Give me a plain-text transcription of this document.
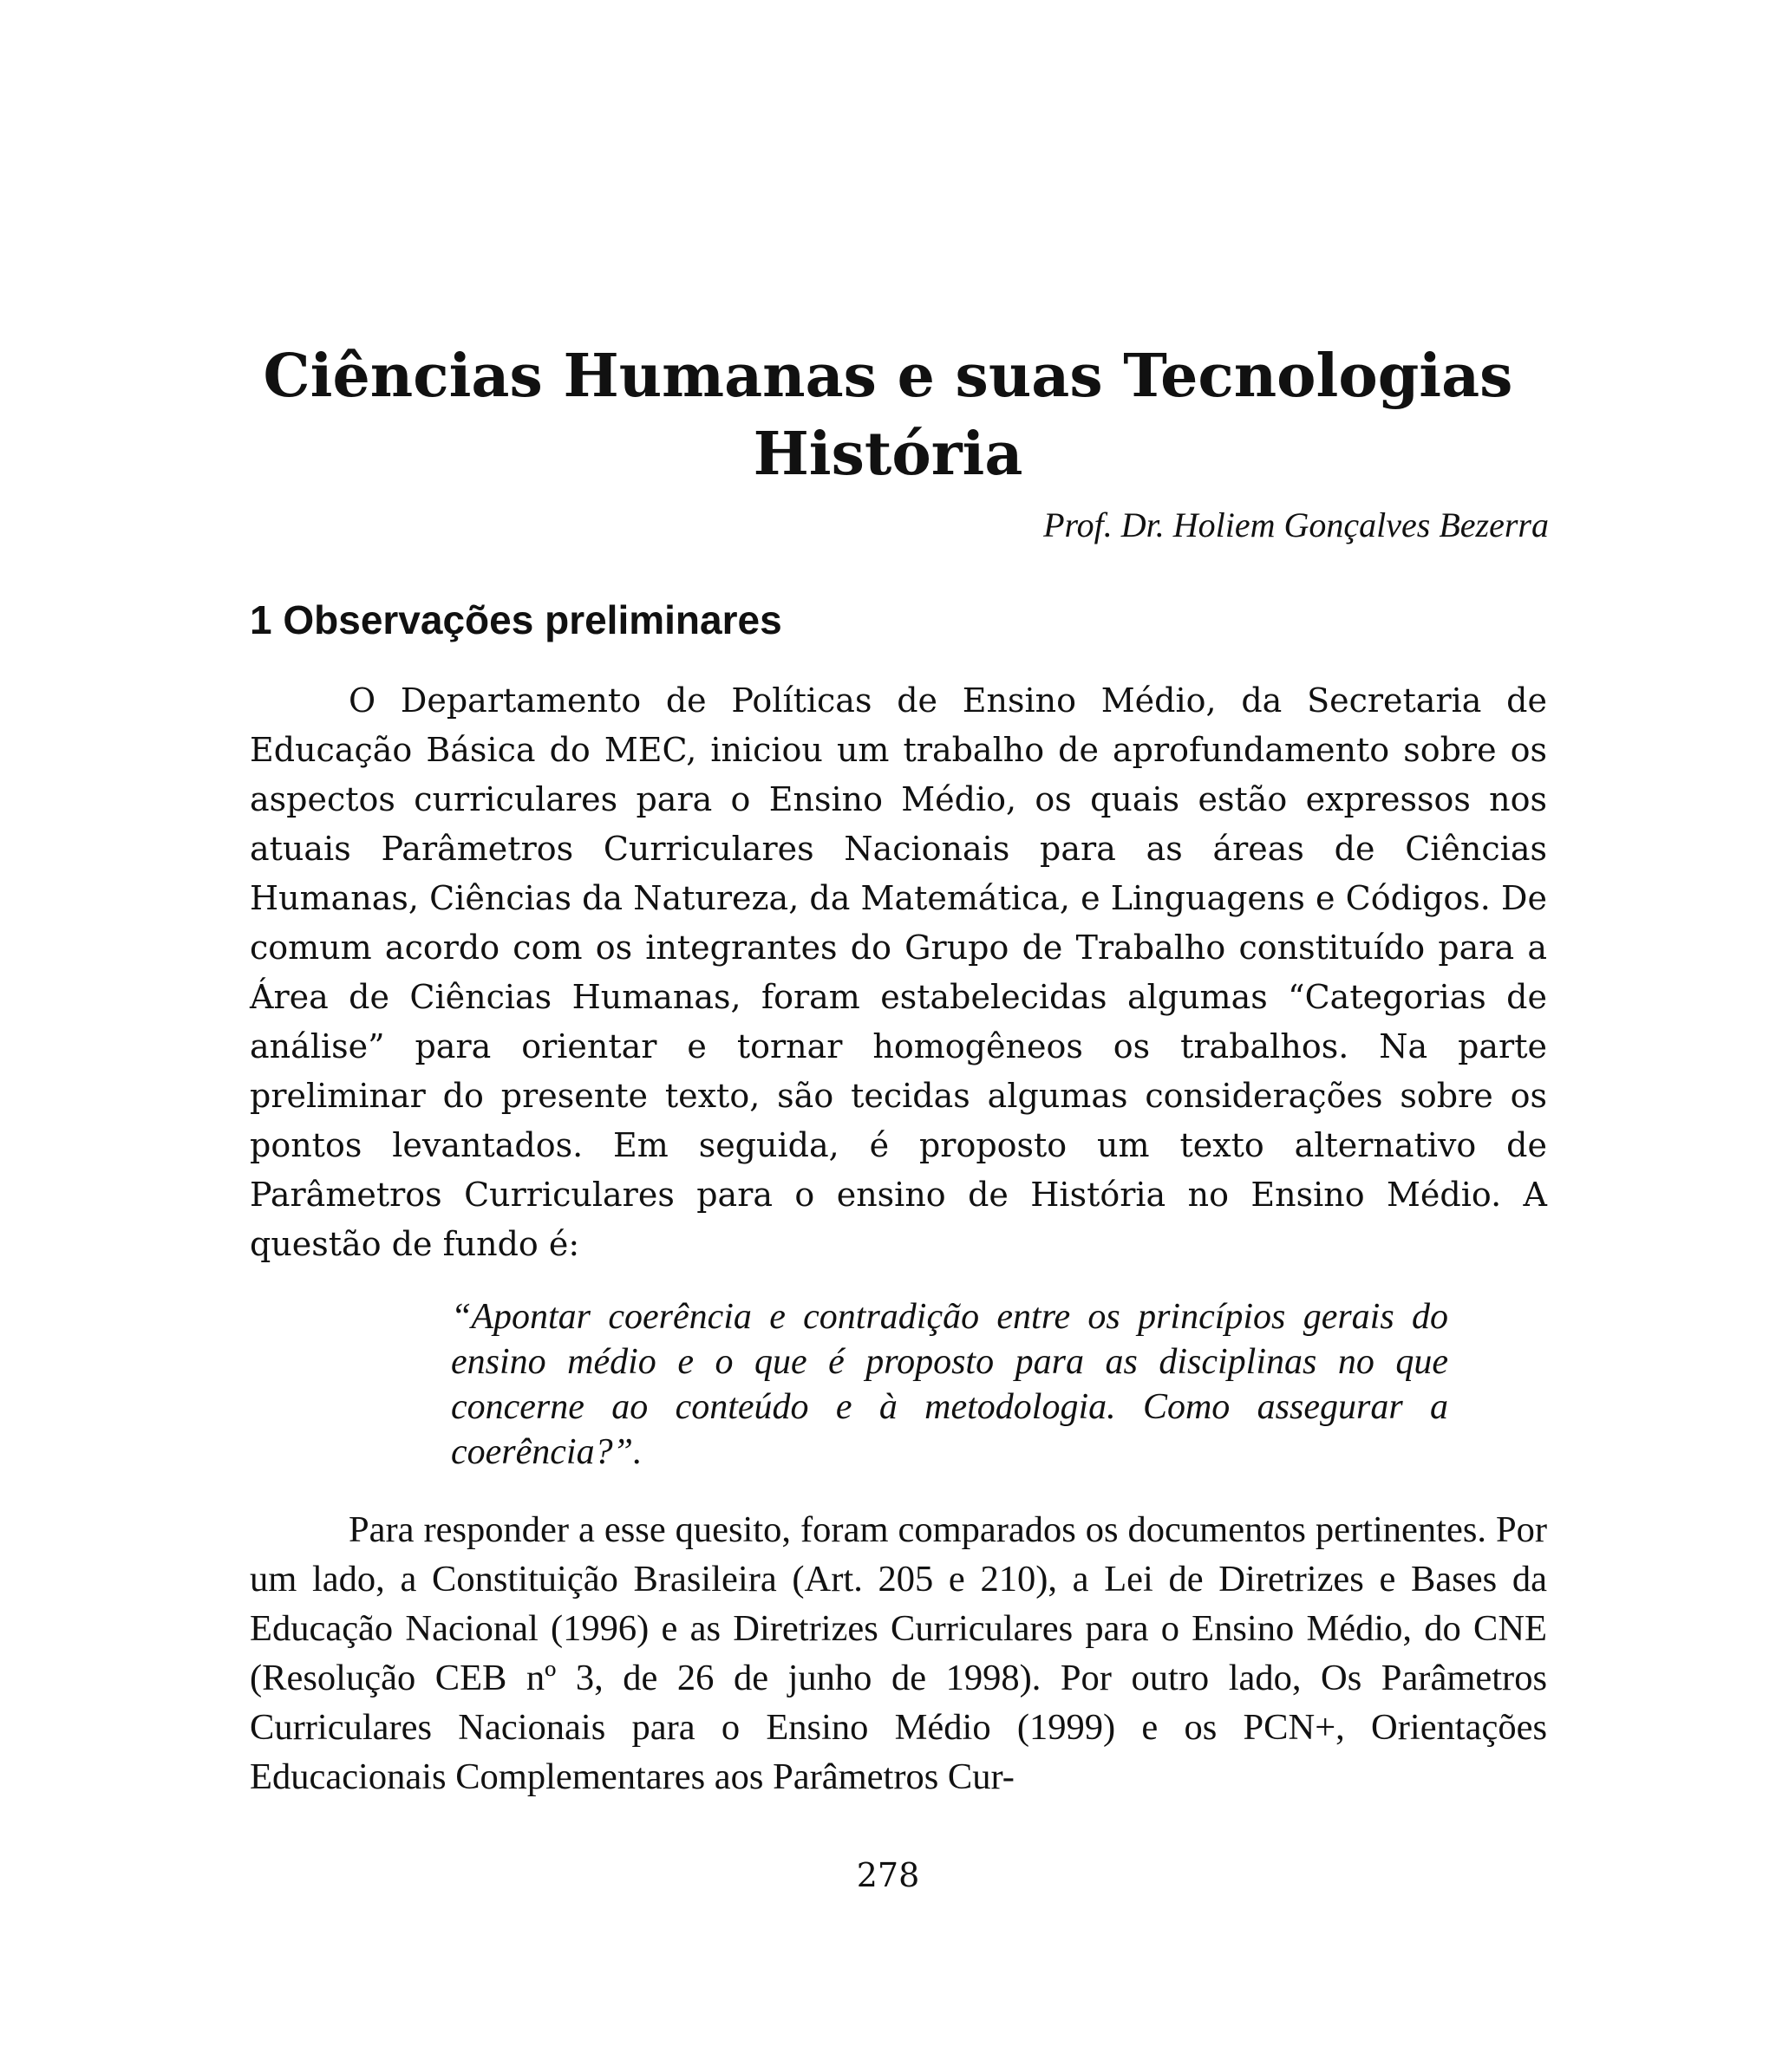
Ciências Humanas e suas Tecnologias
História
Prof. Dr. Holiem Gonçalves Bezerra
1 Observações preliminares

O Departamento de Políticas de Ensino Médio, da Secretaria de Educação Básica do MEC, iniciou um trabalho de aprofundamento sobre os aspectos curriculares para o Ensino Médio, os quais estão expressos nos atuais Parâmetros Curriculares Nacionais para as áreas de Ciências Humanas, Ciências da Natureza, da Matemática, e Linguagens e Códigos. De comum acordo com os integrantes do Grupo de Trabalho constituído para a Área de Ciências Humanas, foram estabelecidas algumas “Categorias de análise” para orientar e tornar homogêneos os trabalhos. Na parte preliminar do presente texto, são tecidas algumas considerações sobre os pontos levantados. Em seguida, é proposto um texto alternativo de Parâmetros Curriculares para o ensino de História no Ensino Médio. A questão de fundo é:

“Apontar coerência e contradição entre os princípios gerais do ensino médio e o que é proposto para as disciplinas no que concerne ao conteúdo e à metodologia. Como assegurar a coerência?”.

Para responder a esse quesito, foram comparados os documentos pertinentes. Por um lado, a Constituição Brasileira (Art. 205 e 210), a Lei de Diretrizes e Bases da Educação Nacional (1996) e as Diretrizes Curriculares para o Ensino Médio, do CNE (Resolução CEB nº 3, de 26 de junho de 1998). Por outro lado, Os Parâmetros Curriculares Nacionais para o Ensino Médio (1999) e os PCN+, Orientações Educacionais Complementares aos Parâmetros Cur-

278
